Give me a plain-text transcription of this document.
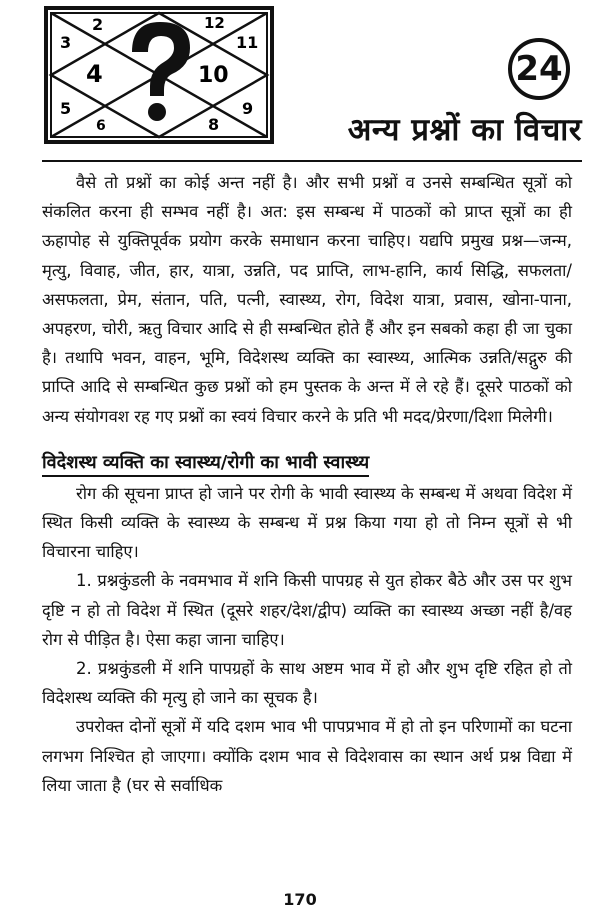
2	12
3	11
4	10
5	9
6	8
24
अन्य प्रश्नों का विचार

वैसे तो प्रश्नों का कोई अन्त नहीं है। और सभी प्रश्नों व उनसे सम्बन्धित सूत्रों को संकलित करना ही सम्भव नहीं है। अत: इस सम्बन्ध में पाठकों को प्राप्त सूत्रों का ही ऊहापोह से युक्तिपूर्वक प्रयोग करके समाधान करना चाहिए। यद्यपि प्रमुख प्रश्न—जन्म, मृत्यु, विवाह, जीत, हार, यात्रा, उन्नति, पद प्राप्ति, लाभ-हानि, कार्य सिद्धि, सफलता/असफलता, प्रेम, संतान, पति, पत्नी, स्वास्थ्य, रोग, विदेश यात्रा, प्रवास, खोना-पाना, अपहरण, चोरी, ऋतु विचार आदि से ही सम्बन्धित होते हैं और इन सबको कहा ही जा चुका है। तथापि भवन, वाहन, भूमि, विदेशस्थ व्यक्ति का स्वास्थ्य, आत्मिक उन्नति/सद्गुरु की प्राप्ति आदि से सम्बन्धित कुछ प्रश्नों को हम पुस्तक के अन्त में ले रहे हैं। दूसरे पाठकों को अन्य संयोगवश रह गए प्रश्नों का स्वयं विचार करने के प्रति भी मदद/प्रेरणा/दिशा मिलेगी।

विदेशस्थ व्यक्ति का स्वास्थ्य/रोगी का भावी स्वास्थ्य

रोग की सूचना प्राप्त हो जाने पर रोगी के भावी स्वास्थ्य के सम्बन्ध में अथवा विदेश में स्थित किसी व्यक्ति के स्वास्थ्य के सम्बन्ध में प्रश्न किया गया हो तो निम्न सूत्रों से भी विचारना चाहिए।

1. प्रश्नकुंडली के नवमभाव में शनि किसी पापग्रह से युत होकर बैठे और उस पर शुभ दृष्टि न हो तो विदेश में स्थित (दूसरे शहर/देश/द्वीप) व्यक्ति का स्वास्थ्य अच्छा नहीं है/वह रोग से पीड़ित है। ऐसा कहा जाना चाहिए।

2. प्रश्नकुंडली में शनि पापग्रहों के साथ अष्टम भाव में हो और शुभ दृष्टि रहित हो तो विदेशस्थ व्यक्ति की मृत्यु हो जाने का सूचक है।

उपरोक्त दोनों सूत्रों में यदि दशम भाव भी पापप्रभाव में हो तो इन परिणामों का घटना लगभग निश्चित हो जाएगा। क्योंकि दशम भाव से विदेशवास का स्थान अर्थ प्रश्न विद्या में लिया जाता है (घर से सर्वाधिक

170
